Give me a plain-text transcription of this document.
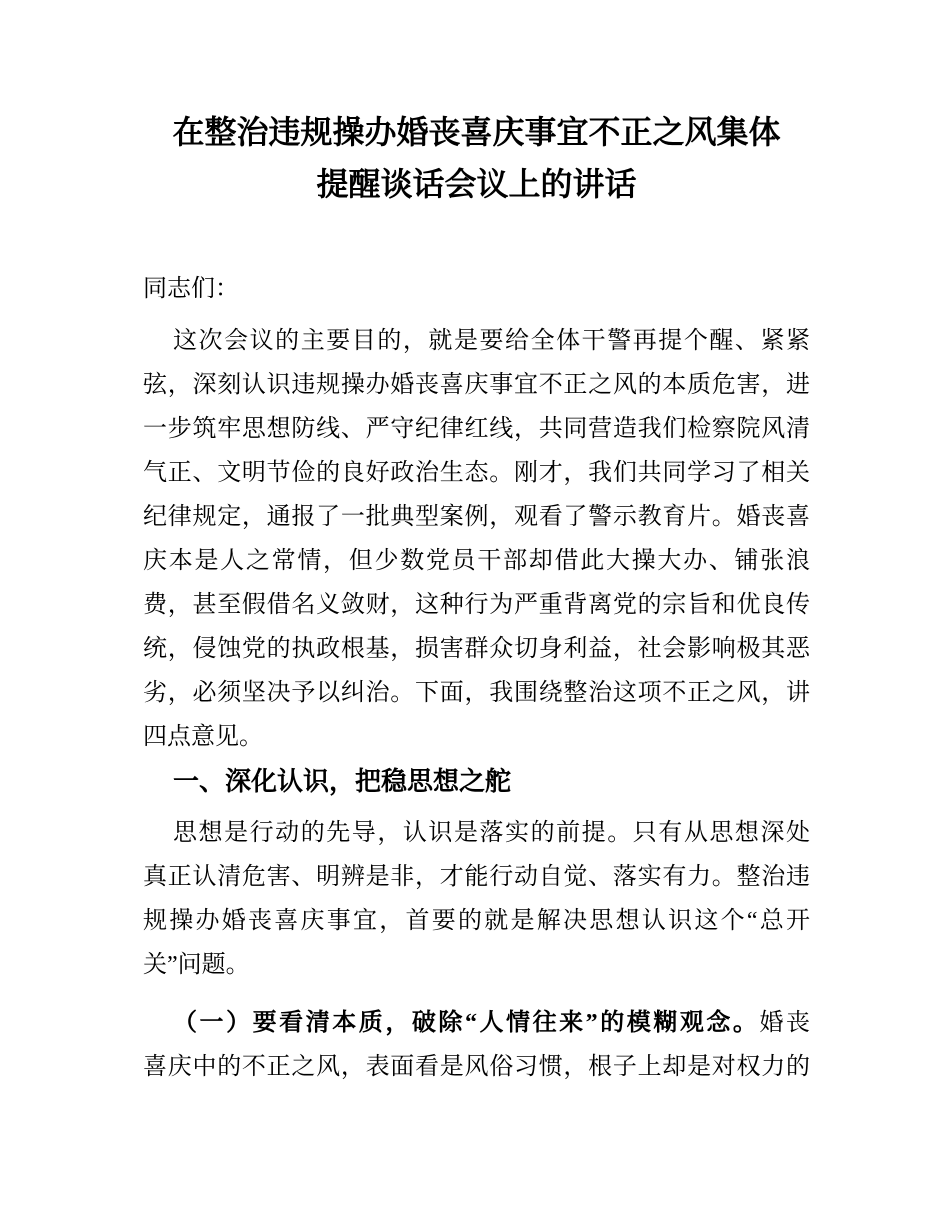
在整治违规操办婚丧喜庆事宜不正之风集体
提醒谈话会议上的讲话
同志们：
这次会议的主要目的，就是要给全体干警再提个醒、紧紧
弦，深刻认识违规操办婚丧喜庆事宜不正之风的本质危害，进
一步筑牢思想防线、严守纪律红线，共同营造我们检察院风清
气正、文明节俭的良好政治生态。刚才，我们共同学习了相关
纪律规定，通报了一批典型案例，观看了警示教育片。婚丧喜
庆本是人之常情，但少数党员干部却借此大操大办、铺张浪
费，甚至假借名义敛财，这种行为严重背离党的宗旨和优良传
统，侵蚀党的执政根基，损害群众切身利益，社会影响极其恶
劣，必须坚决予以纠治。下面，我围绕整治这项不正之风，讲
四点意见。
一、深化认识，把稳思想之舵
思想是行动的先导，认识是落实的前提。只有从思想深处
真正认清危害、明辨是非，才能行动自觉、落实有力。整治违
规操办婚丧喜庆事宜，首要的就是解决思想认识这个“总开
关”问题。
（一）要看清本质，破除“人情往来”的模糊观念。婚丧
喜庆中的不正之风，表面看是风俗习惯，根子上却是对权力的
